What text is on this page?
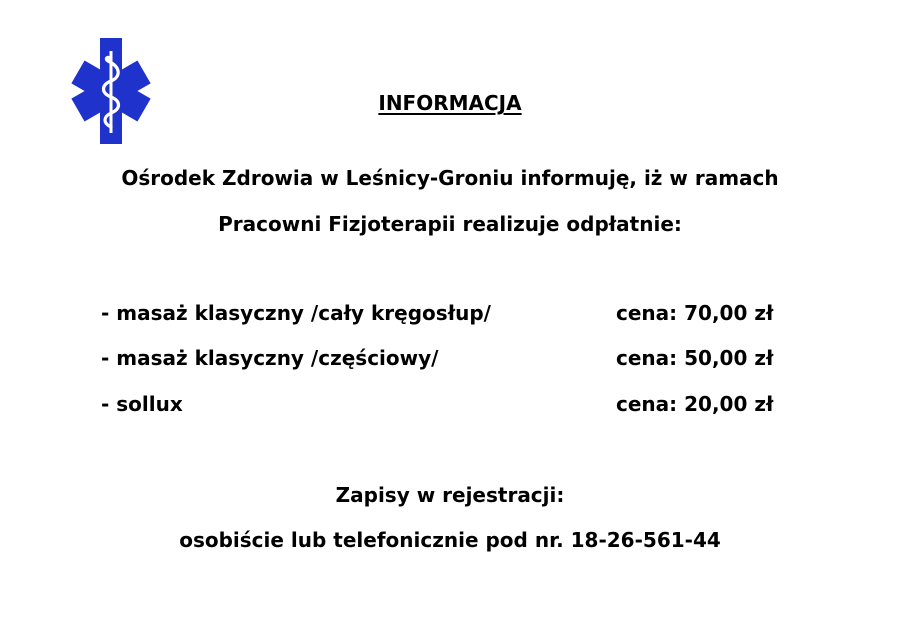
INFORMACJA
Ośrodek Zdrowia w Leśnicy-Groniu informuję, iż w ramach
Pracowni Fizjoterapii realizuje odpłatnie:
- masaż klasyczny /cały kręgosłup/	cena: 70,00 zł
- masaż klasyczny /częściowy/	cena: 50,00 zł
- sollux	cena: 20,00 zł
Zapisy w rejestracji:
osobiście lub telefonicznie pod nr. 18-26-561-44
